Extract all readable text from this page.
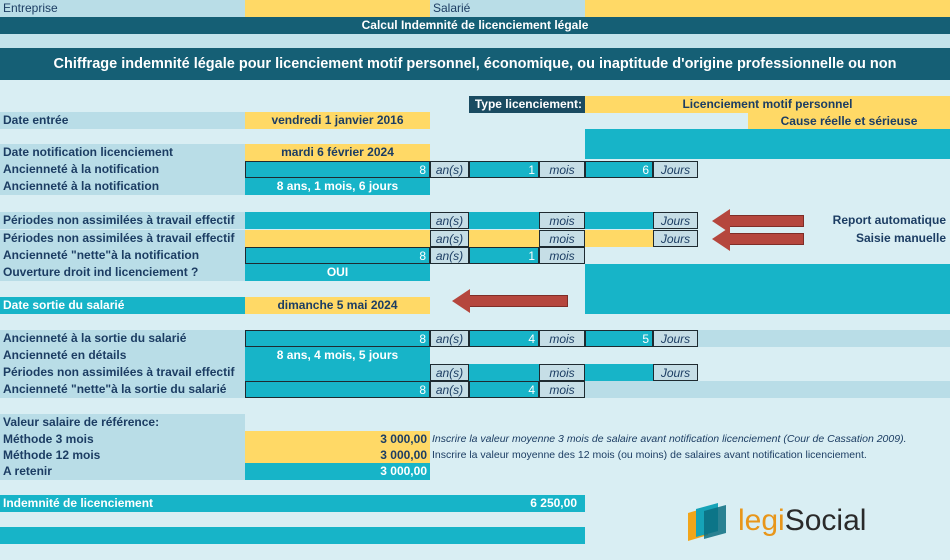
Entreprise	Salarié
Calcul Indemnité de licenciement légale
Chiffrage indemnité légale pour licenciement motif personnel, économique, ou inaptitude d'origine professionnelle ou non
Type licenciement:	Licenciement motif personnel
Cause réelle et sérieuse
Date entrée	vendredi 1 janvier 2016
Date notification licenciement	mardi 6 février 2024
Ancienneté à la notification	8 an(s)	1	mois	6 Jours
Ancienneté à la notification	8 ans, 1 mois, 6 jours
Périodes non assimilées à travail effectif	an(s)	mois	Jours	Report automatique
Périodes non assimilées à travail effectif	an(s)	mois	Jours	Saisie manuelle
Ancienneté "nette"à la notification	8 an(s)	1	mois
Ouverture droit ind licenciement ?	OUI
Date sortie du salarié	dimanche 5 mai 2024
Ancienneté à la sortie du salarié	8 an(s)	4	mois	5 Jours
Ancienneté en détails	8 ans, 4 mois, 5 jours
Périodes non assimilées à travail effectif	an(s)	mois	Jours
Ancienneté "nette"à la sortie du salarié	8 an(s)	4	mois
Valeur salaire de référence:
Méthode 3 mois	3 000,00 Inscrire la valeur moyenne 3 mois de salaire avant notification licenciement (Cour de Cassation 2009).
Méthode 12 mois	3 000,00 Inscrire la valeur moyenne des 12 mois (ou moins) de salaires avant notification licenciement.
A retenir	3 000,00
Indemnité de licenciement	6 250,00
legiSocial
